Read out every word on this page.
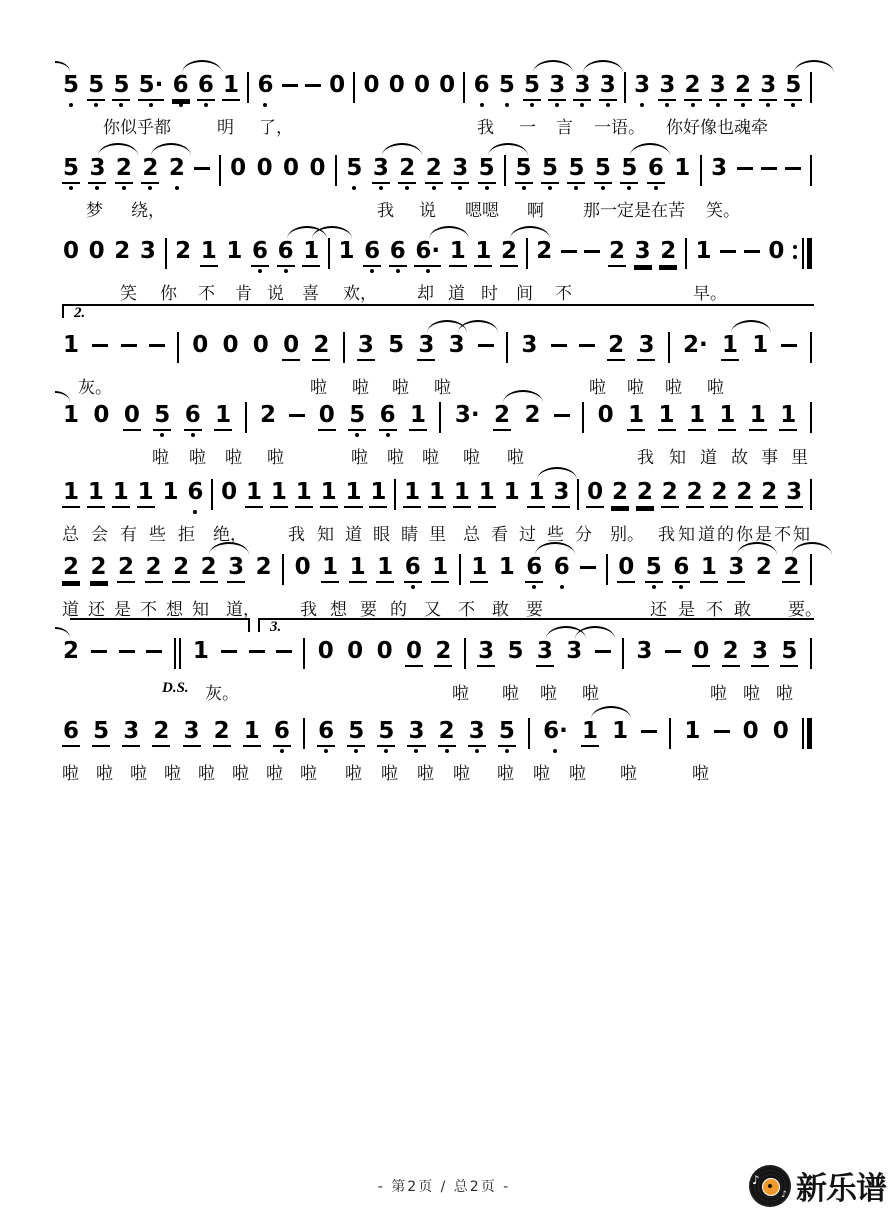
5 5 5 5· 6 6 1 6 0 0 0 0 0 6 5 5 3 3 3 3 3 2 3 2 3 5
你似乎都	明 了，	我 一 言 一语。 你好像也魂牵
5 3 2 2 2 0 0 0 0 5 3 2 2 3 5 5 5 5 5 5 6 1 3
梦 绕，	我 说 嗯嗯 啊 那一定是在苦 笑。
0 0 2 3 2 1 1 6 6 1 1 6 6 6· 1 1 2 2 2 3 2 1 0
笑 你 不 肯 说 喜 欢， 却 道 时 间 不	早。
2.
1	0 0 0 0 2 3 5 3 3 3	2 3 2· 1 1
灰。	啦 啦 啦 啦	啦 啦 啦 啦
1 0 0 5 6 1 2 0 5 6 1 3· 2 2 0 1 1 1 1 1 1
啦 啦 啦 啦	啦 啦 啦 啦 啦	我 知 道 故 事 里
1 1 1 1 1 6 0 1 1 1 1 1 1 1 1 1 1 1 1 3 0 2 2 2 2 2 2 2 3
总 会 有 些 拒 绝， 我 知 道 眼 睛 里 总 看 过 些 分 别。 我 知 道 的 你 是 不 知
2 2 2 2 2 2 3 2 0 1 1 1 6 1 1 1 6 6 0 5 6 1 3 2 2
道 还 是 不 想 知 道， 我 想 要 的 又 不 敢 要	还 是 不 敢 要。
3.
2	1	0 0 0 0 2 3 5 3 3 3 0 2 3 5
灰。	啦 啦 啦 啦	啦 啦 啦
D.S.
6 5 3 2 3 2 1 6 6 5 5 3 2 3 5 6· 1 1 1 0 0
啦 啦 啦 啦 啦 啦 啦 啦 啦 啦 啦 啦 啦 啦 啦 啦	啦
- 第2页 / 总2页 -	♪
♪ 新乐谱
